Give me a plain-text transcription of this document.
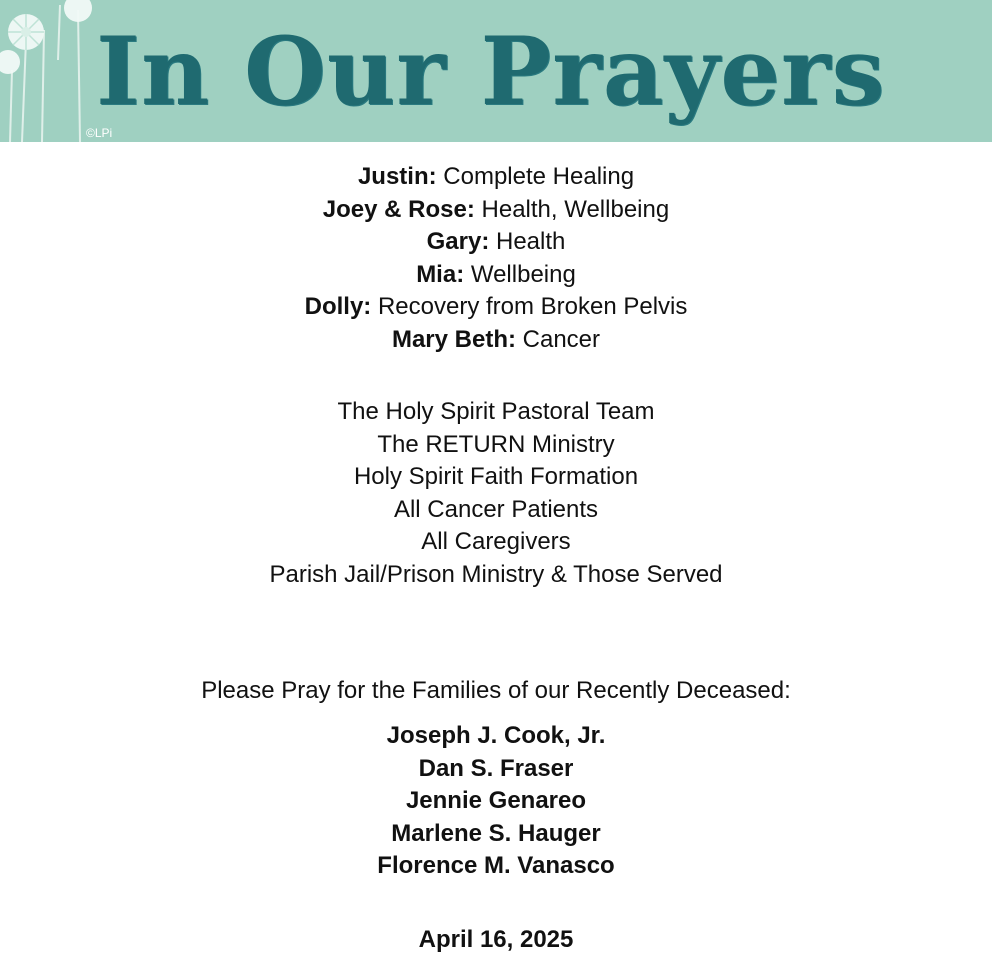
In Our Prayers
©LPi
Justin: Complete Healing
Joey & Rose: Health, Wellbeing
Gary: Health
Mia: Wellbeing
Dolly: Recovery from Broken Pelvis
Mary Beth: Cancer
The Holy Spirit Pastoral Team
The RETURN Ministry
Holy Spirit Faith Formation
All Cancer Patients
All Caregivers
Parish Jail/Prison Ministry & Those Served
Please Pray for the Families of our Recently Deceased:
Joseph J. Cook, Jr.
Dan S. Fraser
Jennie Genareo
Marlene S. Hauger
Florence M. Vanasco
April 16, 2025
